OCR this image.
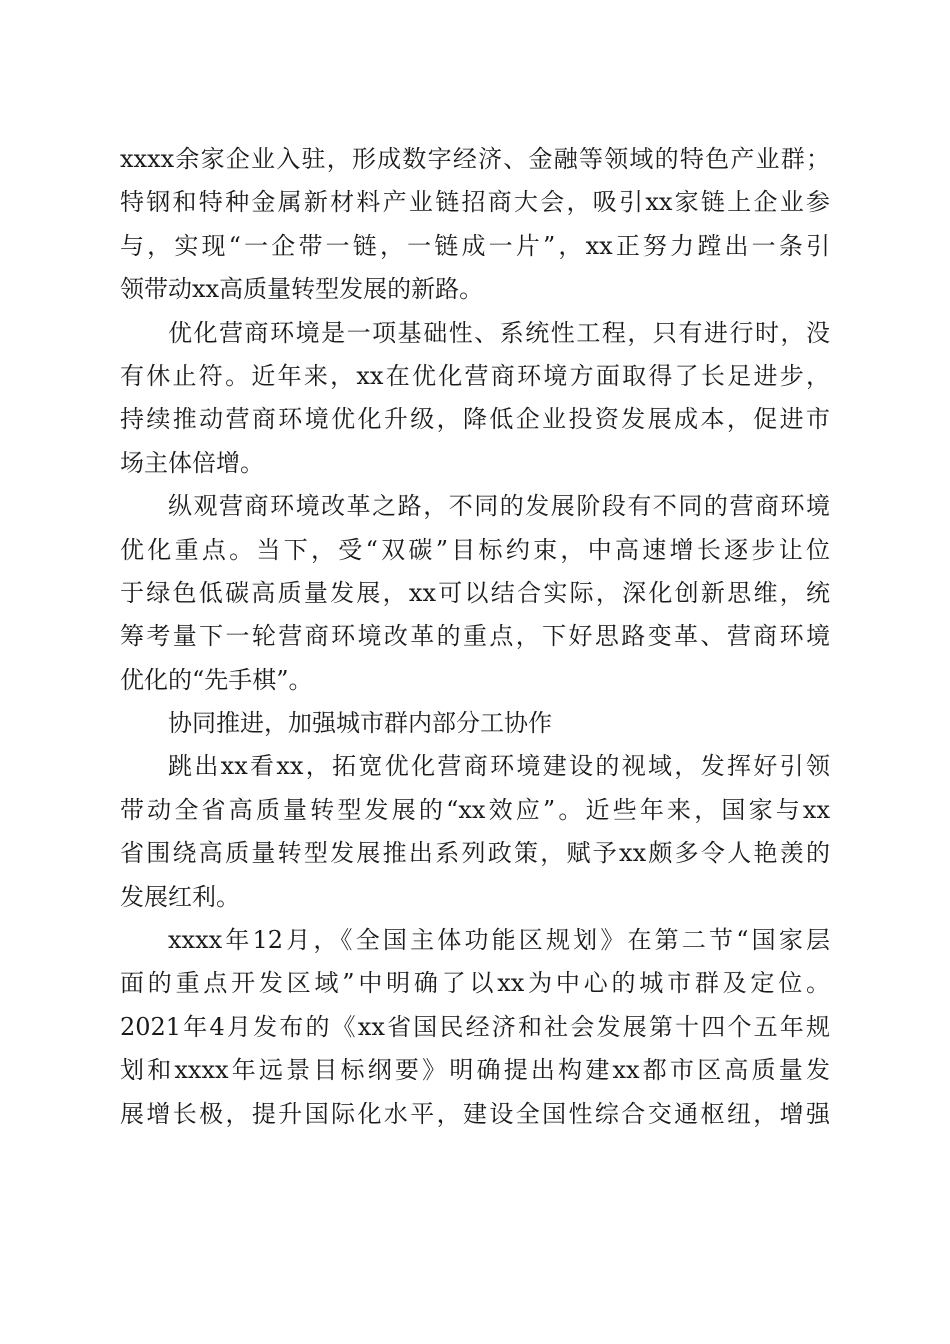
xxxx余家企业入驻，形成数字经济、金融等领域的特色产业群；
特钢和特种金属新材料产业链招商大会，吸引xx家链上企业参
与，实现“一企带一链，一链成一片”，xx正努力蹚出一条引
领带动xx高质量转型发展的新路。
优化营商环境是一项基础性、系统性工程，只有进行时，没
有休止符。近年来，xx在优化营商环境方面取得了长足进步，
持续推动营商环境优化升级，降低企业投资发展成本，促进市
场主体倍增。
纵观营商环境改革之路，不同的发展阶段有不同的营商环境
优化重点。当下，受“双碳”目标约束，中高速增长逐步让位
于绿色低碳高质量发展，xx可以结合实际，深化创新思维，统
筹考量下一轮营商环境改革的重点，下好思路变革、营商环境
优化的“先手棋”。
协同推进，加强城市群内部分工协作
跳出xx看xx，拓宽优化营商环境建设的视域，发挥好引领
带动全省高质量转型发展的“xx效应”。近些年来，国家与xx
省围绕高质量转型发展推出系列政策，赋予xx颇多令人艳羡的
发展红利。
xxxx年12月，《全国主体功能区规划》在第二节“国家层
面的重点开发区域”中明确了以xx为中心的城市群及定位。
2021年4月发布的《xx省国民经济和社会发展第十四个五年规
划和xxxx年远景目标纲要》明确提出构建xx都市区高质量发
展增长极，提升国际化水平，建设全国性综合交通枢纽，增强
